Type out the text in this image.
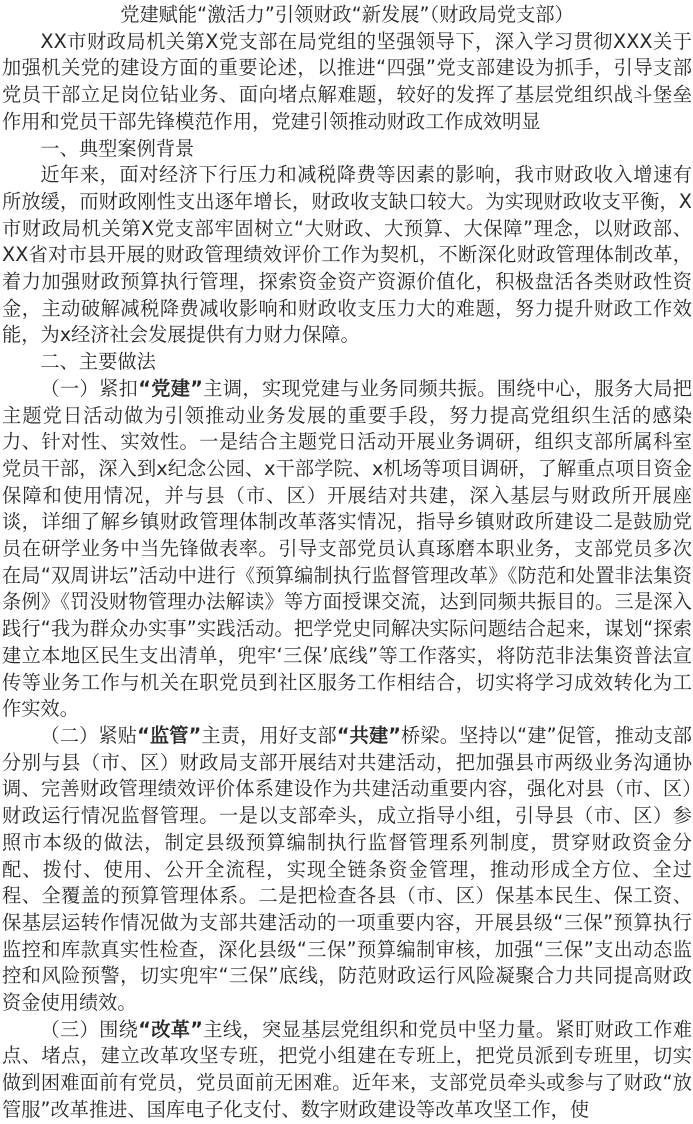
党建赋能“激活力”引领财政“新发展”（财政局党支部）

XX市财政局机关第X党支部在局党组的坚强领导下，深入学习贯彻XXX关于加强机关党的建设方面的重要论述，以推进“四强”党支部建设为抓手，引导支部党员干部立足岗位钻业务、面向堵点解难题，较好的发挥了基层党组织战斗堡垒作用和党员干部先锋模范作用，党建引领推动财政工作成效明显

一、典型案例背景

近年来，面对经济下行压力和减税降费等因素的影响，我市财政收入增速有所放缓，而财政刚性支出逐年增长，财政收支缺口较大。为实现财政收支平衡，X市财政局机关第X党支部牢固树立“大财政、大预算、大保障”理念，以财政部、XX省对市县开展的财政管理绩效评价工作为契机，不断深化财政管理体制改革，着力加强财政预算执行管理，探索资金资产资源价值化，积极盘活各类财政性资金，主动破解减税降费减收影响和财政收支压力大的难题，努力提升财政工作效能，为x经济社会发展提供有力财力保障。

二、主要做法

（一）紧扣“党建”主调，实现党建与业务同频共振。围绕中心，服务大局把主题党日活动做为引领推动业务发展的重要手段，努力提高党组织生活的感染力、针对性、实效性。一是结合主题党日活动开展业务调研，组织支部所属科室党员干部，深入到x纪念公园、x干部学院、x机场等项目调研，了解重点项目资金保障和使用情况，并与县（市、区）开展结对共建，深入基层与财政所开展座谈，详细了解乡镇财政管理体制改革落实情况，指导乡镇财政所建设二是鼓励党员在研学业务中当先锋做表率。引导支部党员认真琢磨本职业务，支部党员多次在局“双周讲坛”活动中进行《预算编制执行监督管理改革》《防范和处置非法集资条例》《罚没财物管理办法解读》等方面授课交流，达到同频共振目的。三是深入践行“我为群众办实事”实践活动。把学党史同解决实际问题结合起来，谋划“探索建立本地区民生支出清单，兜牢‘三保’底线”等工作落实，将防范非法集资普法宣传等业务工作与机关在职党员到社区服务工作相结合，切实将学习成效转化为工作实效。

（二）紧贴“监管”主责，用好支部“共建”桥梁。坚持以“建”促管，推动支部分别与县（市、区）财政局支部开展结对共建活动，把加强县市两级业务沟通协调、完善财政管理绩效评价体系建设作为共建活动重要内容，强化对县（市、区）财政运行情况监督管理。一是以支部牵头，成立指导小组，引导县（市、区）参照市本级的做法，制定县级预算编制执行监督管理系列制度，贯穿财政资金分配、拨付、使用、公开全流程，实现全链条资金管理，推动形成全方位、全过程、全覆盖的预算管理体系。二是把检查各县（市、区）保基本民生、保工资、保基层运转作情况做为支部共建活动的一项重要内容，开展县级“三保”预算执行监控和库款真实性检查，深化县级“三保”预算编制审核，加强“三保”支出动态监控和风险预警，切实兜牢“三保”底线，防范财政运行风险凝聚合力共同提高财政资金使用绩效。

（三）围绕“改革”主线，突显基层党组织和党员中坚力量。紧盯财政工作难点、堵点，建立改革攻坚专班，把党小组建在专班上，把党员派到专班里，切实做到困难面前有党员，党员面前无困难。近年来，支部党员牵头或参与了财政“放管服”改革推进、国库电子化支付、数字财政建设等改革攻坚工作，使
